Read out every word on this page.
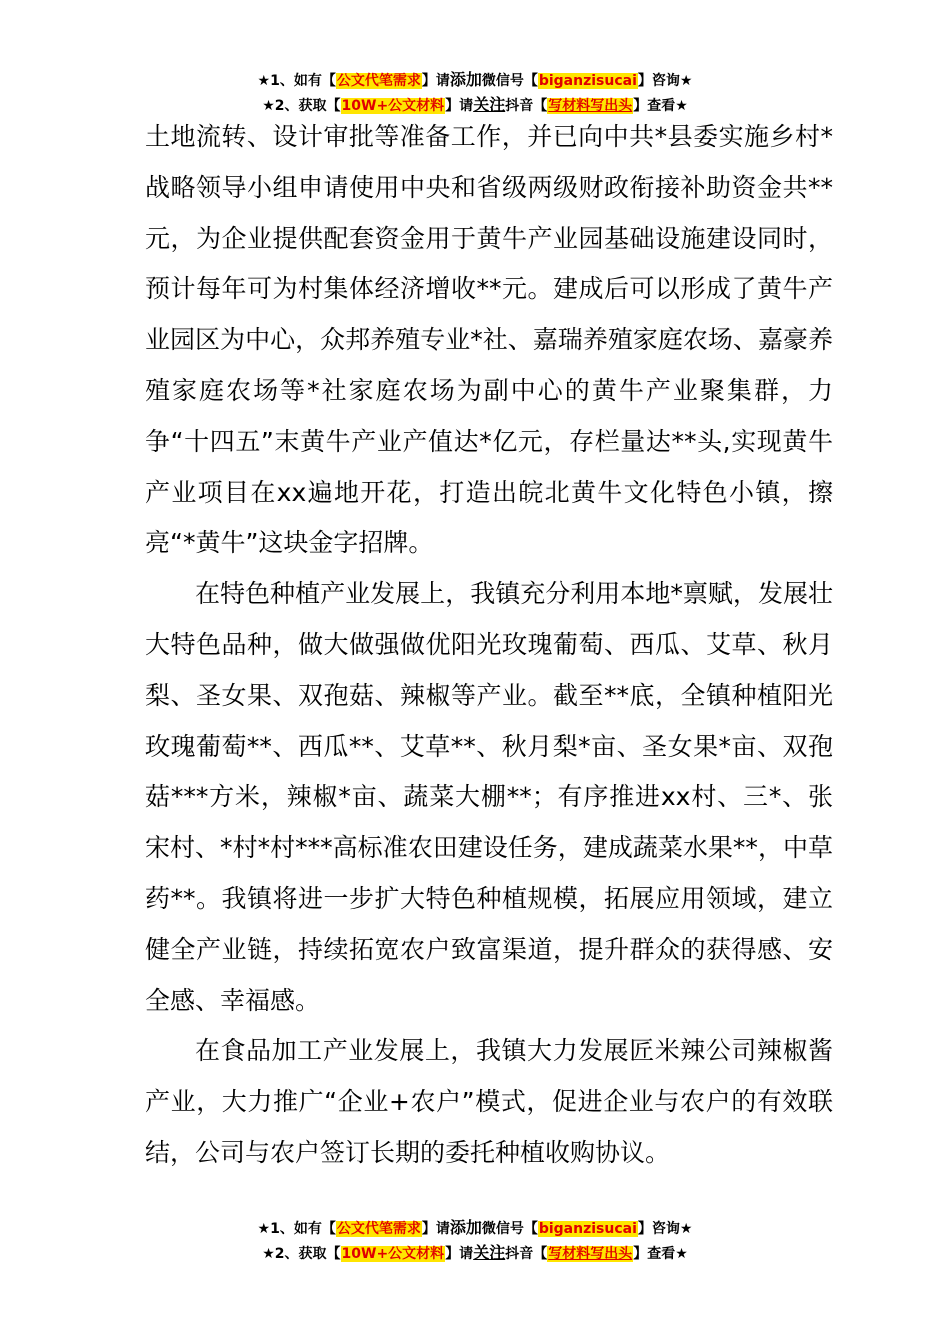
★1、如有【公文代笔需求】请添加微信号【biganzisucai】咨询★
★2、获取【10W+公文材料】请关注抖音【写材料写出头】查看★

土地流转、设计审批等准备工作，并已向中共*县委实施乡村*战略领导小组申请使用中央和省级两级财政衔接补助资金共**元，为企业提供配套资金用于黄牛产业园基础设施建设同时，预计每年可为村集体经济增收**元。建成后可以形成了黄牛产业园区为中心，众邦养殖专业*社、嘉瑞养殖家庭农场、嘉豪养殖家庭农场等*社家庭农场为副中心的黄牛产业聚集群，力争“十四五”末黄牛产业产值达*亿元，存栏量达**头,实现黄牛产业项目在xx遍地开花，打造出皖北黄牛文化特色小镇，擦亮“*黄牛”这块金字招牌。

在特色种植产业发展上，我镇充分利用本地*禀赋，发展壮大特色品种，做大做强做优阳光玫瑰葡萄、西瓜、艾草、秋月梨、圣女果、双孢菇、辣椒等产业。截至**底，全镇种植阳光玫瑰葡萄**、西瓜**、艾草**、秋月梨*亩、圣女果*亩、双孢菇***方米，辣椒*亩、蔬菜大棚**；有序推进xx村、三*、张宋村、*村*村***高标准农田建设任务，建成蔬菜水果**，中草药**。我镇将进一步扩大特色种植规模，拓展应用领域，建立健全产业链，持续拓宽农户致富渠道，提升群众的获得感、安全感、幸福感。

在食品加工产业发展上，我镇大力发展匠米辣公司辣椒酱产业，大力推广“企业+农户”模式，促进企业与农户的有效联结，公司与农户签订长期的委托种植收购协议。

★1、如有【公文代笔需求】请添加微信号【biganzisucai】咨询★
★2、获取【10W+公文材料】请关注抖音【写材料写出头】查看★
